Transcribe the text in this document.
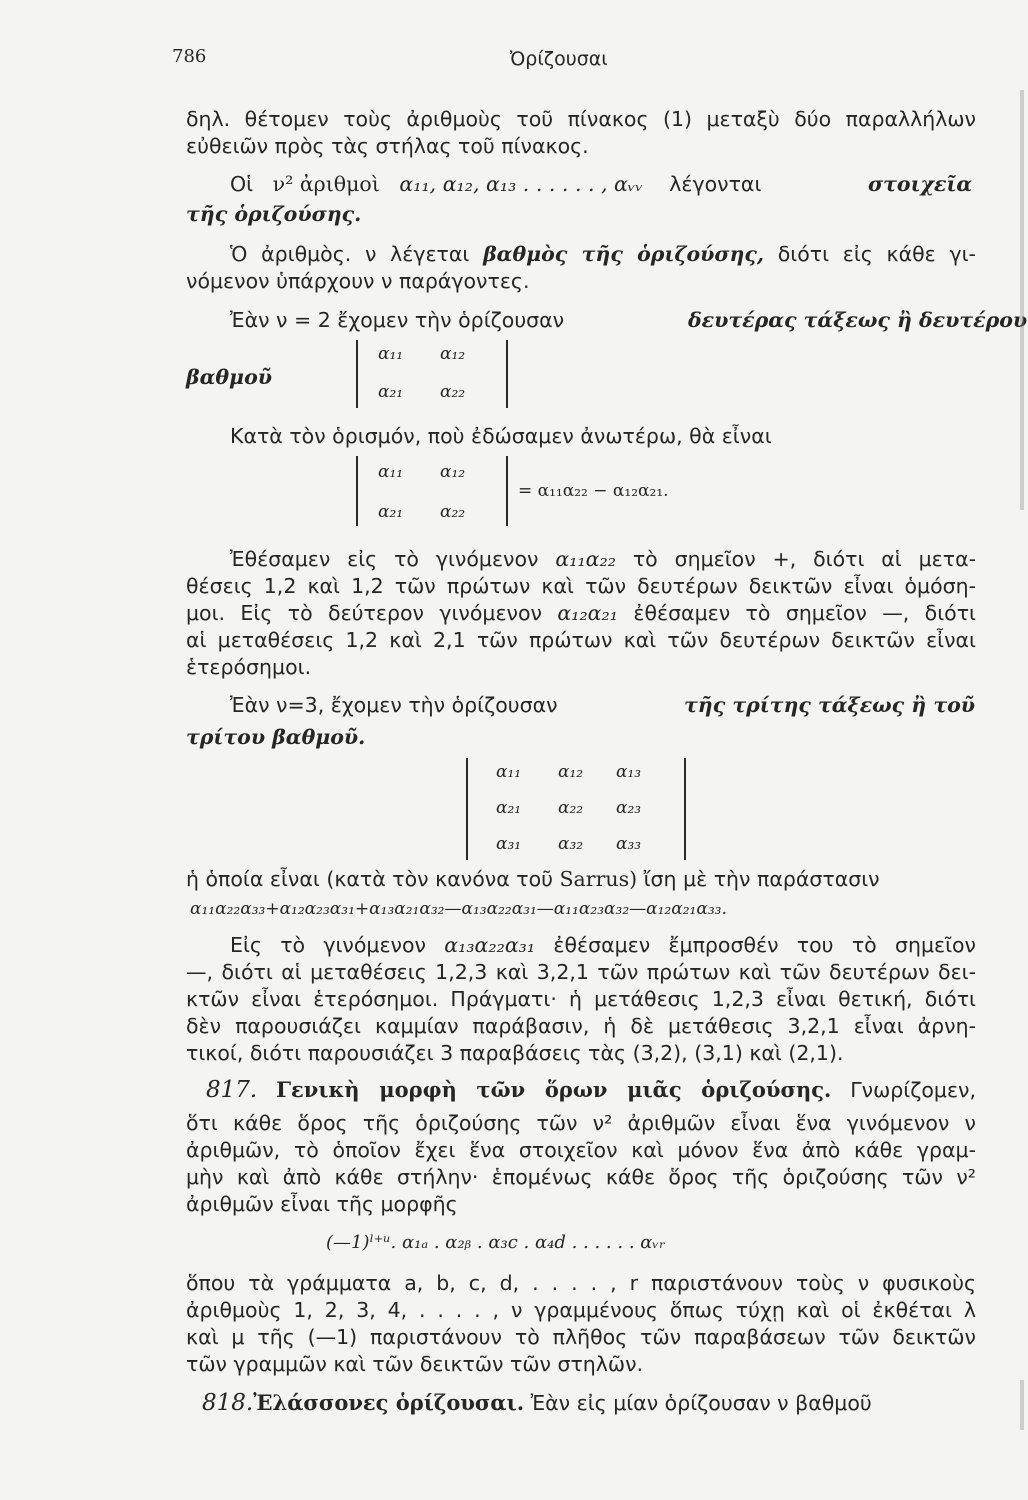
786	Ὀρίζουσαι
δηλ. θέτομεν τοὺς ἀριθμοὺς τοῦ πίνακος (1) μεταξὺ δύο παραλλήλων
εὐθειῶν πρὸς τὰς στήλας τοῦ πίνακος.
Οἱ ν² ἀριθμοὶ α₁₁, α₁₂, α₁₃ . . . . . . , αᵥᵥ λέγονται	στοιχεῖα
τῆς ὁριζούσης.
Ὁ ἀριθμὸς. ν λέγεται βαθμὸς τῆς ὁριζούσης, διότι εἰς κάθε γι-
νόμενον ὑπάρχουν ν παράγοντες.
Ἐὰν ν = 2 ἔχομεν τὴν ὁρίζουσαν	δευτέρας τάξεως ἢ δευτέρου
βαθμοῦ
α₁₁ α₁₂
α₂₁ α₂₂
Κατὰ τὸν ὁρισμόν, ποὺ ἐδώσαμεν ἀνωτέρω, θὰ εἶναι
α₁₁ α₁₂
α₂₁ α₂₂
= α₁₁α₂₂ − α₁₂α₂₁.
Ἐθέσαμεν εἰς τὸ γινόμενον α₁₁α₂₂ τὸ σημεῖον +, διότι αἱ μετα-
θέσεις 1,2 καὶ 1,2 τῶν πρώτων καὶ τῶν δευτέρων δεικτῶν εἶναι ὁμόση-
μοι. Εἰς τὸ δεύτερον γινόμενον α₁₂α₂₁ ἐθέσαμεν τὸ σημεῖον —, διότι
αἱ μεταθέσεις 1,2 καὶ 2,1 τῶν πρώτων καὶ τῶν δευτέρων δεικτῶν εἶναι
ἑτερόσημοι.
Ἐὰν ν=3, ἔχομεν τὴν ὁρίζουσαν	τῆς τρίτης τάξεως ἢ τοῦ
τρίτου βαθμοῦ.
α₁₁ α₁₂ α₁₃
α₂₁ α₂₂ α₂₃
α₃₁ α₃₂ α₃₃
ἡ ὁποία εἶναι (κατὰ τὸν κανόνα τοῦ Sarrus) ἴση μὲ τὴν παράστασιν
α₁₁α₂₂α₃₃+α₁₂α₂₃α₃₁+α₁₃α₂₁α₃₂—α₁₃α₂₂α₃₁—α₁₁α₂₃α₃₂—α₁₂α₂₁α₃₃.
Εἰς τὸ γινόμενον α₁₃α₂₂α₃₁ ἐθέσαμεν ἔμπροσθέν του τὸ σημεῖον
—, διότι αἱ μεταθέσεις 1,2,3 καὶ 3,2,1 τῶν πρώτων καὶ τῶν δευτέρων δει-
κτῶν εἶναι ἑτερόσημοι. Πράγματι· ἡ μετάθεσις 1,2,3 εἶναι θετική, διότι
δὲν παρουσιάζει καμμίαν παράβασιν, ἡ δὲ μετάθεσις 3,2,1 εἶναι ἀρνη-
τικοί, διότι παρουσιάζει 3 παραβάσεις τὰς (3,2), (3,1) καὶ (2,1).
817. Γενικὴ μορφὴ τῶν ὅρων μιᾶς ὁριζούσης. Γνωρίζομεν,
ὅτι κάθε ὅρος τῆς ὁριζούσης τῶν ν² ἀριθμῶν εἶναι ἕνα γινόμενον ν
ἀριθμῶν, τὸ ὁποῖον ἔχει ἕνα στοιχεῖον καὶ μόνον ἕνα ἀπὸ κάθε γραμ-
μὴν καὶ ἀπὸ κάθε στήλην· ἑπομένως κάθε ὅρος τῆς ὁριζούσης τῶν ν²
ἀριθμῶν εἶναι τῆς μορφῆς
(—1)ˡ⁺ᵘ. α₁ₐ . α₂ᵦ . α₃c . α₄d . . . . . . αᵥᵣ
ὅπου τὰ γράμματα a, b, c, d, . . . . , r παριστάνουν τοὺς ν φυσικοὺς
ἀριθμοὺς 1, 2, 3, 4, . . . . , ν γραμμένους ὅπως τύχῃ καὶ οἱ ἐκθέται λ
καὶ μ τῆς (—1) παριστάνουν τὸ πλῆθος τῶν παραβάσεων τῶν δεικτῶν
τῶν γραμμῶν καὶ τῶν δεικτῶν τῶν στηλῶν.
818.Ἐλάσσονες ὁρίζουσαι. Ἐὰν εἰς μίαν ὁρίζουσαν ν βαθμοῦ
